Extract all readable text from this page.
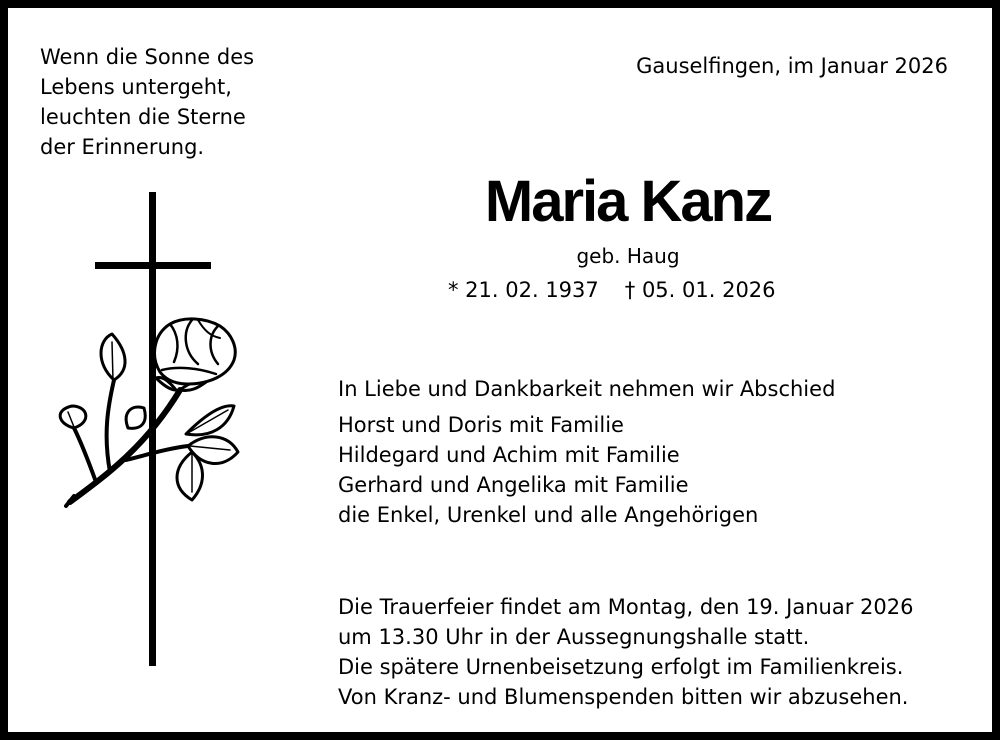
Wenn die Sonne des
Lebens untergeht,
leuchten die Sterne
der Erinnerung.
Gauselfingen, im Januar 2026
Maria Kanz
geb. Haug
* 21. 02. 1937 † 05. 01. 2026
In Liebe und Dankbarkeit nehmen wir Abschied
Horst und Doris mit Familie
Hildegard und Achim mit Familie
Gerhard und Angelika mit Familie
die Enkel, Urenkel und alle Angehörigen
Die Trauerfeier findet am Montag, den 19. Januar 2026
um 13.30 Uhr in der Aussegnungshalle statt.
Die spätere Urnenbeisetzung erfolgt im Familienkreis.
Von Kranz- und Blumenspenden bitten wir abzusehen.
